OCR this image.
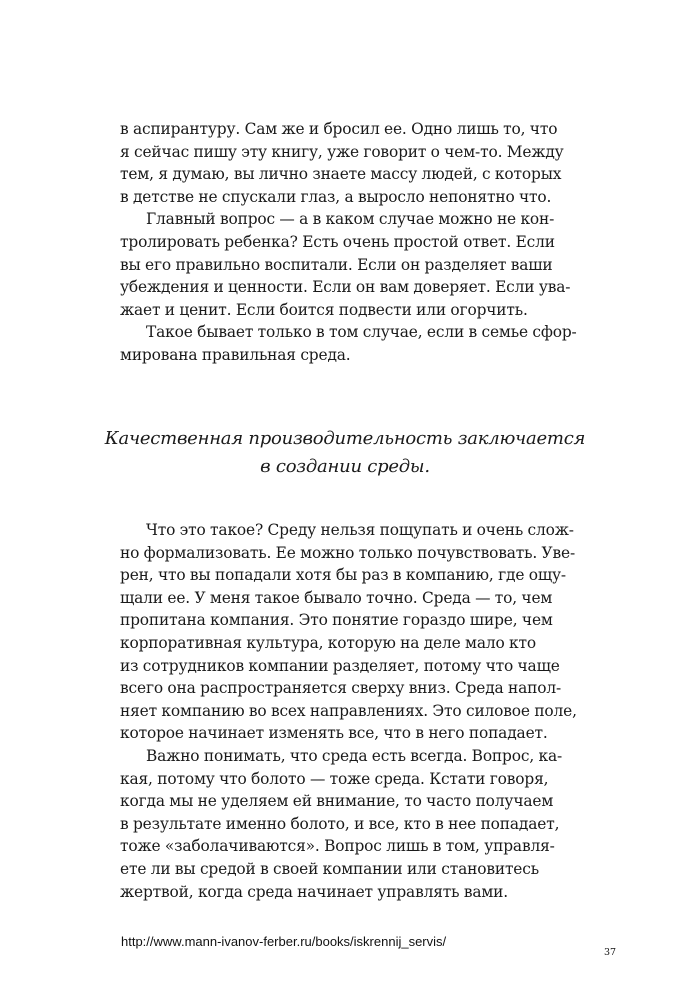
в аспирантуру. Сам же и бросил ее. Одно лишь то, что
я сейчас пишу эту книгу, уже говорит о чем-то. Между
тем, я думаю, вы лично знаете массу людей, с которых
в детстве не спускали глаз, а выросло непонятно что.
Главный вопрос — а в каком случае можно не кон-
тролировать ребенка? Есть очень простой ответ. Если
вы его правильно воспитали. Если он разделяет ваши
убеждения и ценности. Если он вам доверяет. Если ува-
жает и ценит. Если боится подвести или огорчить.
Такое бывает только в том случае, если в семье сфор-
мирована правильная среда.
Качественная производительность заключается
в создании среды.
Что это такое? Среду нельзя пощупать и очень слож-
но формализовать. Ее можно только почувствовать. Уве-
рен, что вы попадали хотя бы раз в компанию, где ощу-
щали ее. У меня такое бывало точно. Среда — то, чем
пропитана компания. Это понятие гораздо шире, чем
корпоративная культура, которую на деле мало кто
из сотрудников компании разделяет, потому что чаще
всего она распространяется сверху вниз. Среда напол-
няет компанию во всех направлениях. Это силовое поле,
которое начинает изменять все, что в него попадает.
Важно понимать, что среда есть всегда. Вопрос, ка-
кая, потому что болото — тоже среда. Кстати говоря,
когда мы не уделяем ей внимание, то часто получаем
в результате именно болото, и все, кто в нее попадает,
тоже «заболачиваются». Вопрос лишь в том, управля-
ете ли вы средой в своей компании или становитесь
жертвой, когда среда начинает управлять вами.
http://www.mann-ivanov-ferber.ru/books/iskrennij_servis/
37
